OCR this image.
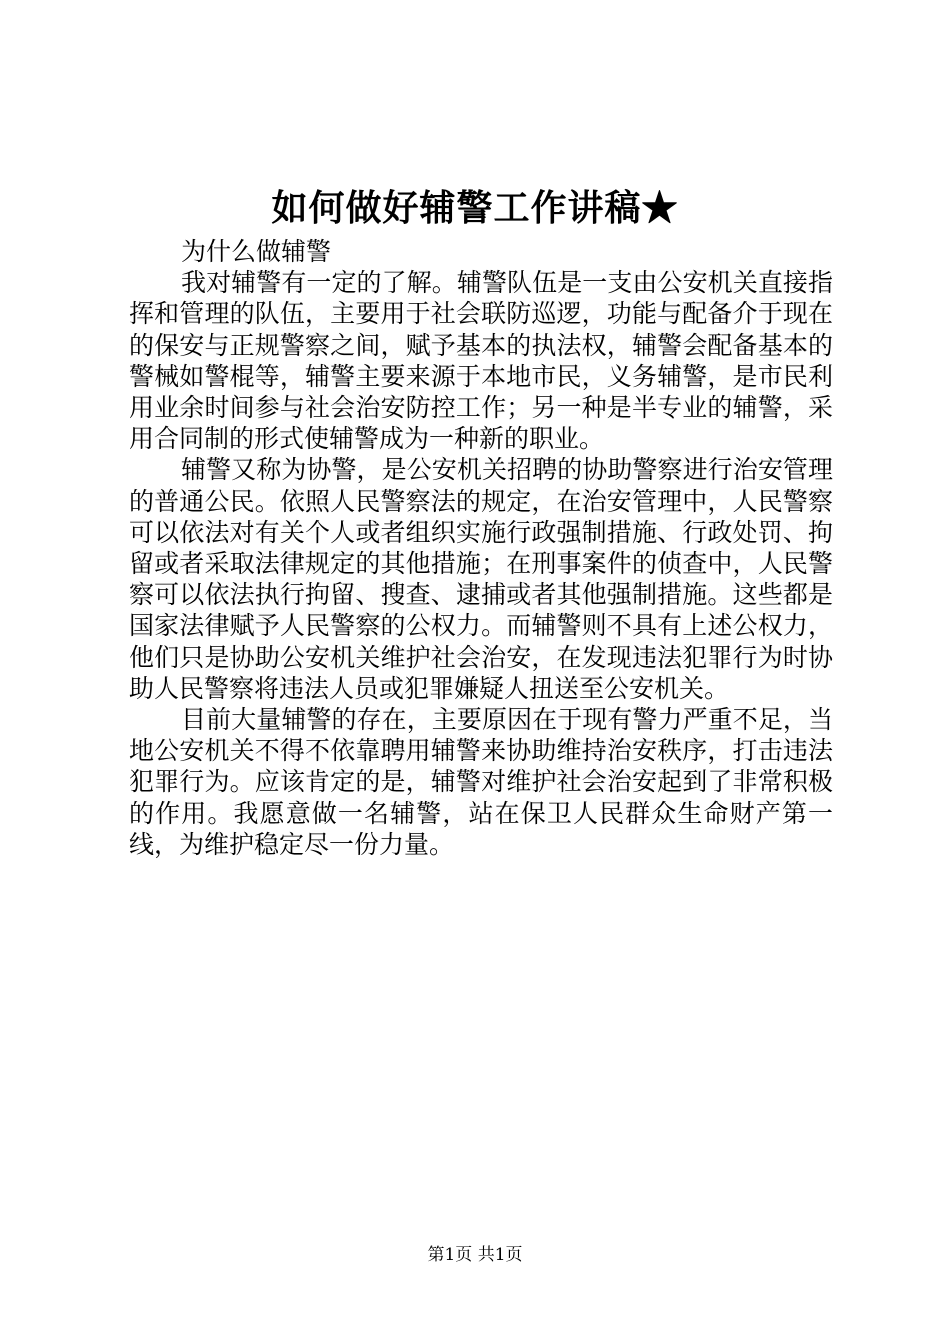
如何做好辅警工作讲稿★

为什么做辅警

我对辅警有一定的了解。辅警队伍是一支由公安机关直接指挥和管理的队伍，主要用于社会联防巡逻，功能与配备介于现在的保安与正规警察之间，赋予基本的执法权，辅警会配备基本的警械如警棍等，辅警主要来源于本地市民，义务辅警，是市民利用业余时间参与社会治安防控工作；另一种是半专业的辅警，采用合同制的形式使辅警成为一种新的职业。

辅警又称为协警，是公安机关招聘的协助警察进行治安管理的普通公民。依照人民警察法的规定，在治安管理中，人民警察可以依法对有关个人或者组织实施行政强制措施、行政处罚、拘留或者采取法律规定的其他措施；在刑事案件的侦查中，人民警察可以依法执行拘留、搜查、逮捕或者其他强制措施。这些都是国家法律赋予人民警察的公权力。而辅警则不具有上述公权力，他们只是协助公安机关维护社会治安，在发现违法犯罪行为时协助人民警察将违法人员或犯罪嫌疑人扭送至公安机关。

目前大量辅警的存在，主要原因在于现有警力严重不足，当地公安机关不得不依靠聘用辅警来协助维持治安秩序，打击违法犯罪行为。应该肯定的是，辅警对维护社会治安起到了非常积极的作用。我愿意做一名辅警，站在保卫人民群众生命财产第一线，为维护稳定尽一份力量。

第1页 共1页
